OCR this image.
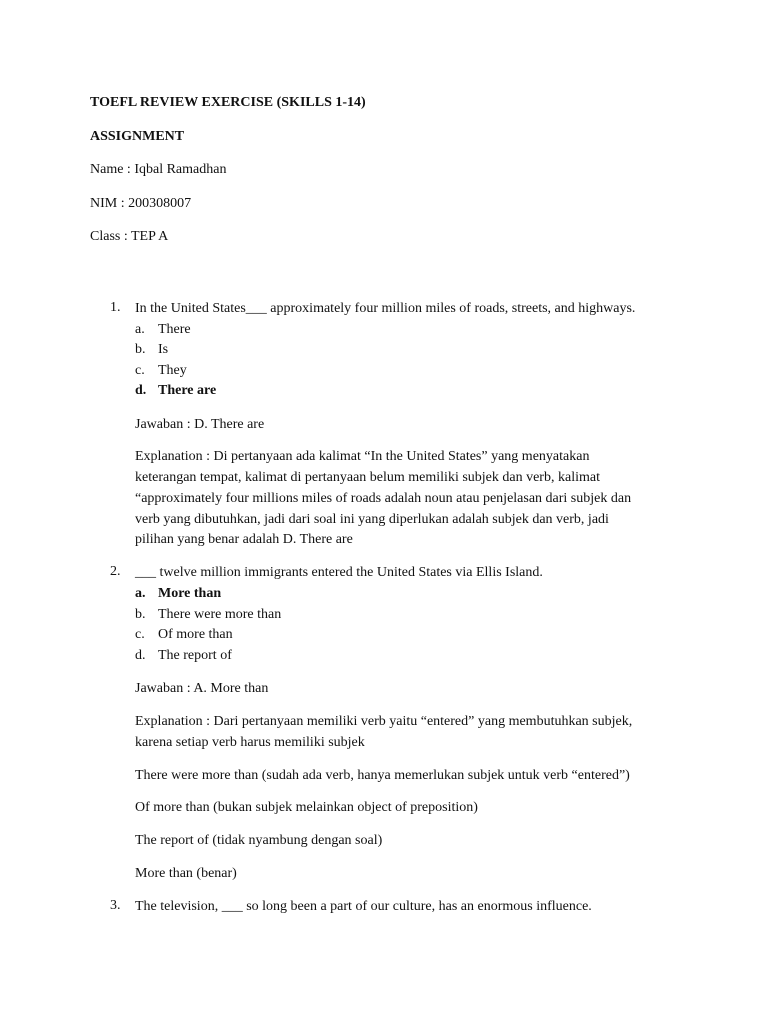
TOEFL REVIEW EXERCISE (SKILLS 1-14)

ASSIGNMENT

Name : Iqbal Ramadhan

NIM : 200308007

Class : TEP A

1. In the United States___ approximately four million miles of roads, streets, and highways.

a. There
b. Is
c. They
d. There are

Jawaban : D. There are

Explanation : Di pertanyaan ada kalimat “In the United States” yang menyatakan

keterangan tempat, kalimat di pertanyaan belum memiliki subjek dan verb, kalimat

“approximately four millions miles of roads adalah noun atau penjelasan dari subjek dan

verb yang dibutuhkan, jadi dari soal ini yang diperlukan adalah subjek dan verb, jadi

pilihan yang benar adalah D. There are

2. ___ twelve million immigrants entered the United States via Ellis Island.

a. More than
b. There were more than
c. Of more than
d. The report of

Jawaban : A. More than

Explanation : Dari pertanyaan memiliki verb yaitu “entered” yang membutuhkan subjek,

karena setiap verb harus memiliki subjek

There were more than (sudah ada verb, hanya memerlukan subjek untuk verb “entered”)

Of more than (bukan subjek melainkan object of preposition)

The report of (tidak nyambung dengan soal)

More than (benar)

3. The television, ___ so long been a part of our culture, has an enormous influence.
